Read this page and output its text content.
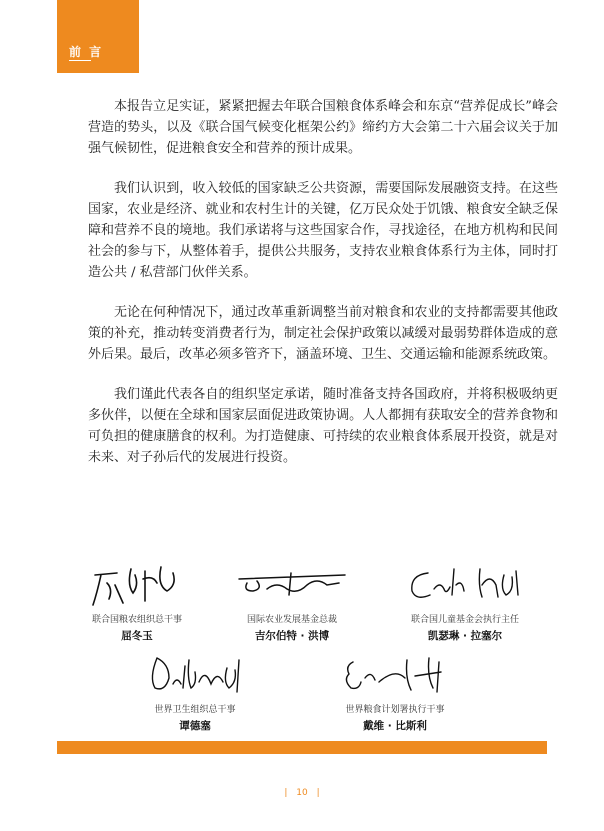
前 言

本报告立足实证，紧紧把握去年联合国粮食体系峰会和东京“营养促成长”峰会营造的势头，以及《联合国气候变化框架公约》缔约方大会第二十六届会议关于加强气候韧性，促进粮食安全和营养的预计成果。

我们认识到，收入较低的国家缺乏公共资源，需要国际发展融资支持。在这些国家，农业是经济、就业和农村生计的关键，亿万民众处于饥饿、粮食安全缺乏保障和营养不良的境地。我们承诺将与这些国家合作，寻找途径，在地方机构和民间社会的参与下，从整体着手，提供公共服务，支持农业粮食体系行为主体，同时打造公共 / 私营部门伙伴关系。

无论在何种情况下，通过改革重新调整当前对粮食和农业的支持都需要其他政策的补充，推动转变消费者行为，制定社会保护政策以减缓对最弱势群体造成的意外后果。最后，改革必须多管齐下，涵盖环境、卫生、交通运输和能源系统政策。

我们谨此代表各自的组织坚定承诺，随时准备支持各国政府，并将积极吸纳更多伙伴，以便在全球和国家层面促进政策协调。人人都拥有获取安全的营养食物和可负担的健康膳食的权利。为打造健康、可持续的农业粮食体系展开投资，就是对未来、对子孙后代的发展进行投资。

联合国粮农组织总干事
屈冬玉
国际农业发展基金总裁
吉尔伯特 · 洪博
联合国儿童基金会执行主任
凯瑟琳 · 拉塞尔
世界卫生组织总干事
谭德塞
世界粮食计划署执行干事
戴维 · 比斯利
| 10 |
